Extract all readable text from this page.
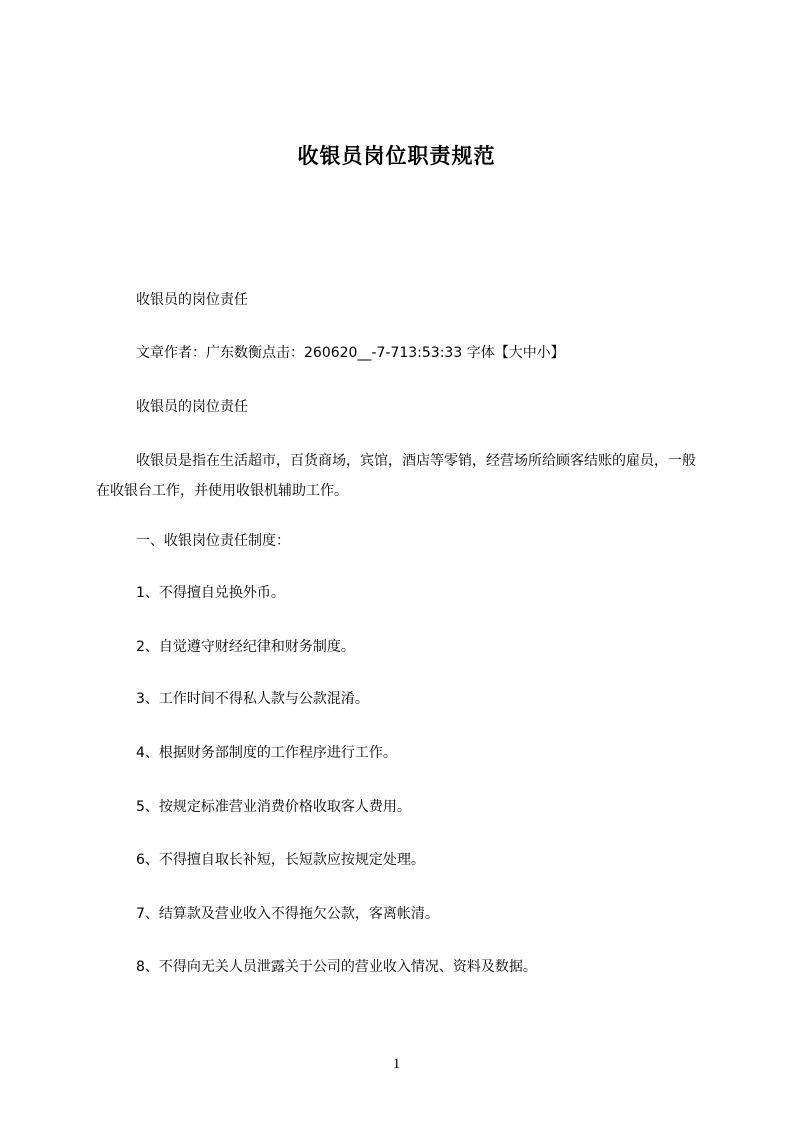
收银员岗位职责规范

收银员的岗位责任

文章作者：广东数衡点击：260620__-7-713:53:33 字体【大中小】

收银员的岗位责任

收银员是指在生活超市，百货商场，宾馆，酒店等零销，经营场所给顾客结账的雇员，一般在收银台工作，并使用收银机辅助工作。

一、收银岗位责任制度：

1、不得擅自兑换外币。

2、自觉遵守财经纪律和财务制度。

3、工作时间不得私人款与公款混淆。

4、根据财务部制度的工作程序进行工作。

5、按规定标准营业消费价格收取客人费用。

6、不得擅自取长补短，长短款应按规定处理。

7、结算款及营业收入不得拖欠公款，客离帐清。

8、不得向无关人员泄露关于公司的营业收入情况、资料及数据。

1
